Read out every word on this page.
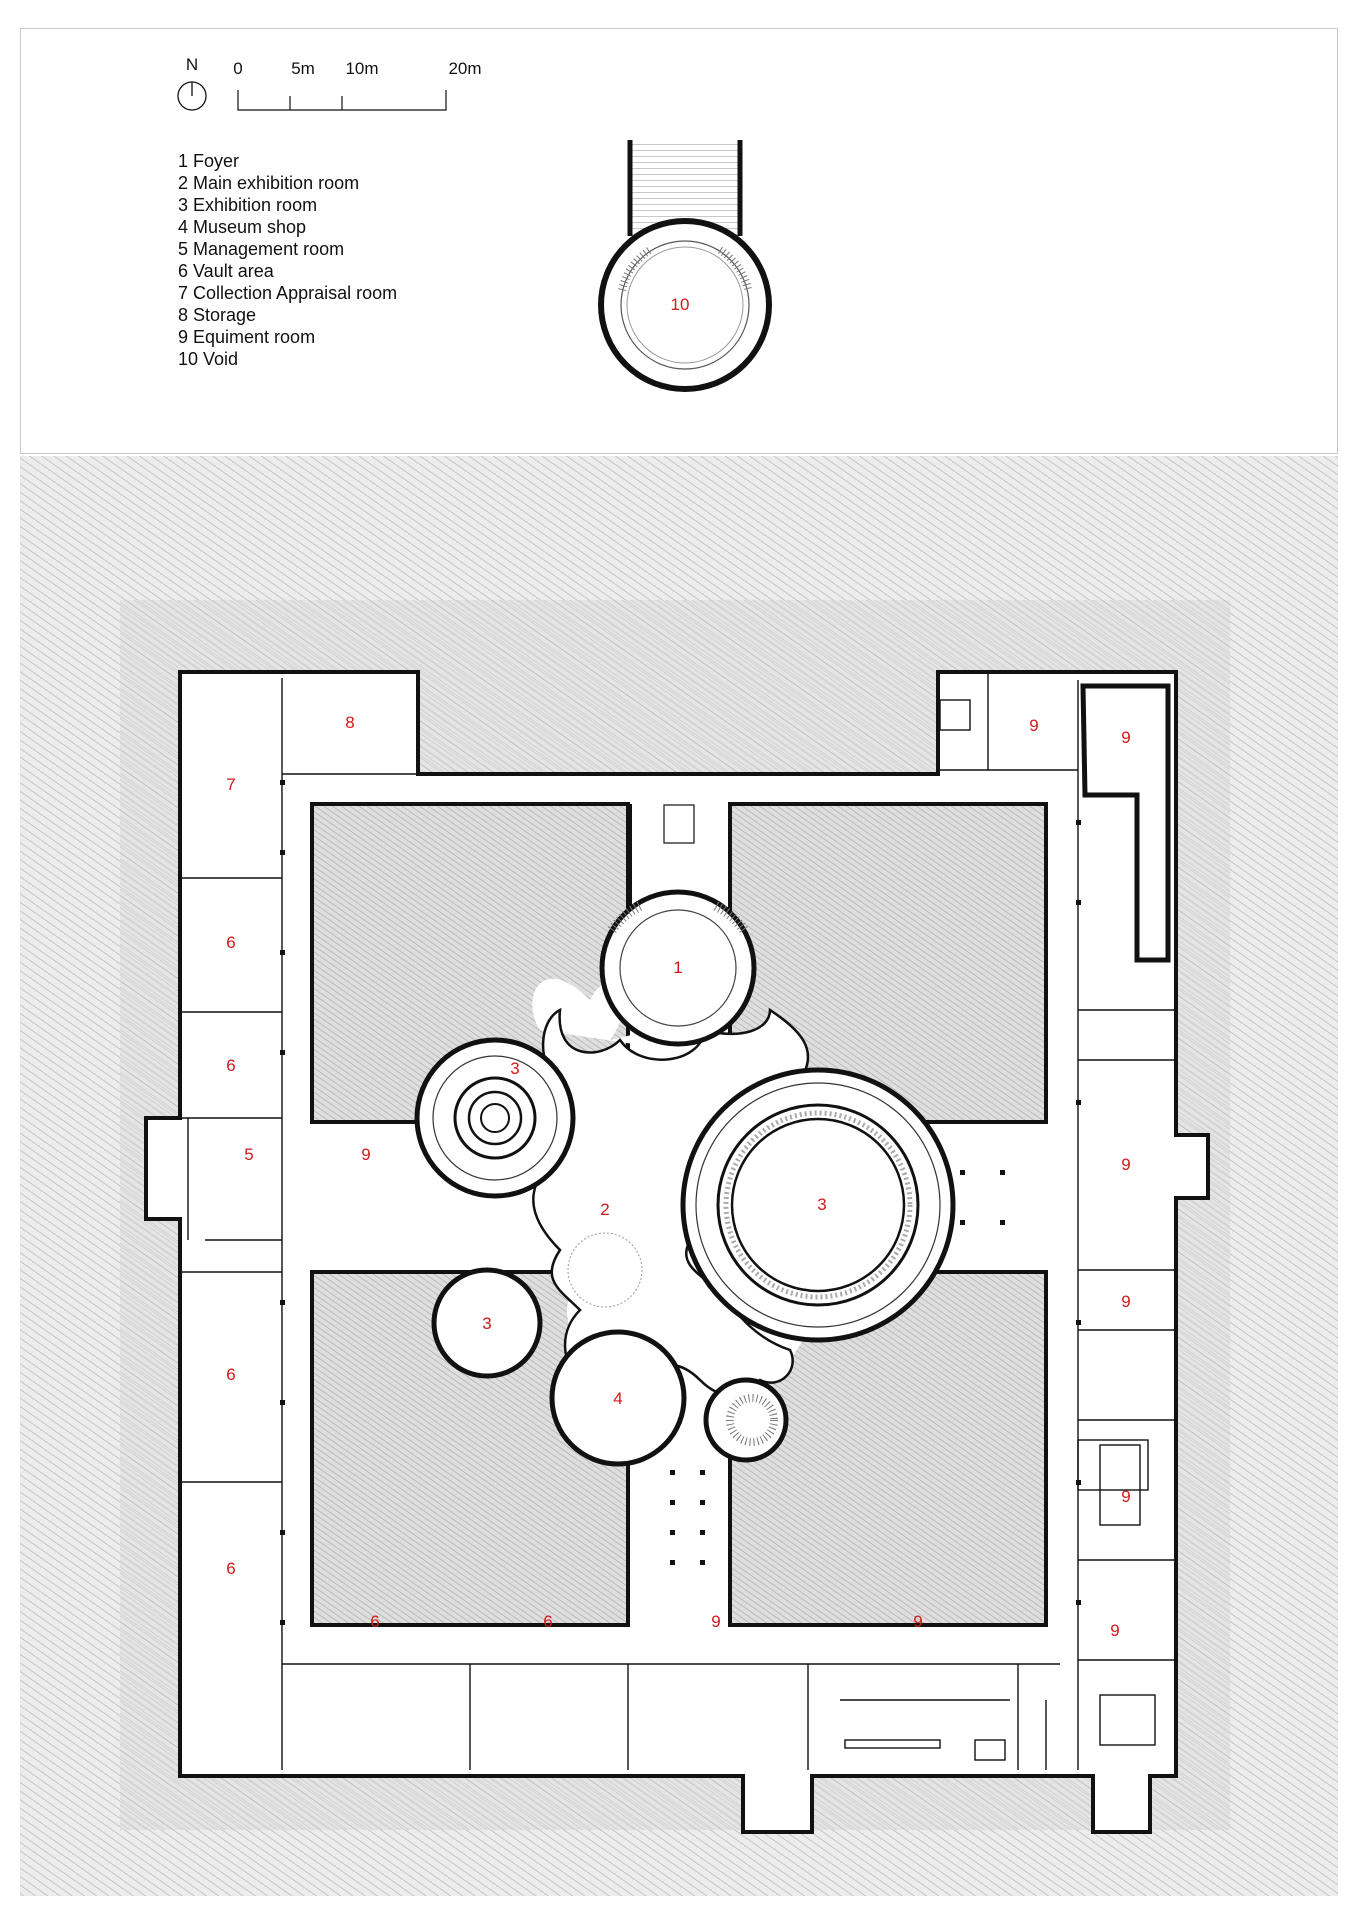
1 Foyer
2 Main exhibition room
3 Exhibition room
4 Museum shop
5 Management room
6 Vault area
7 Collection Appraisal room
8 Storage
9 Equiment room
10 Void
N 0	5m 10m	20m
10
1
3
3
2
3
4
8
7
6
6
5	9
6
6
6	6	9	9	9
9
9
9
9
9
